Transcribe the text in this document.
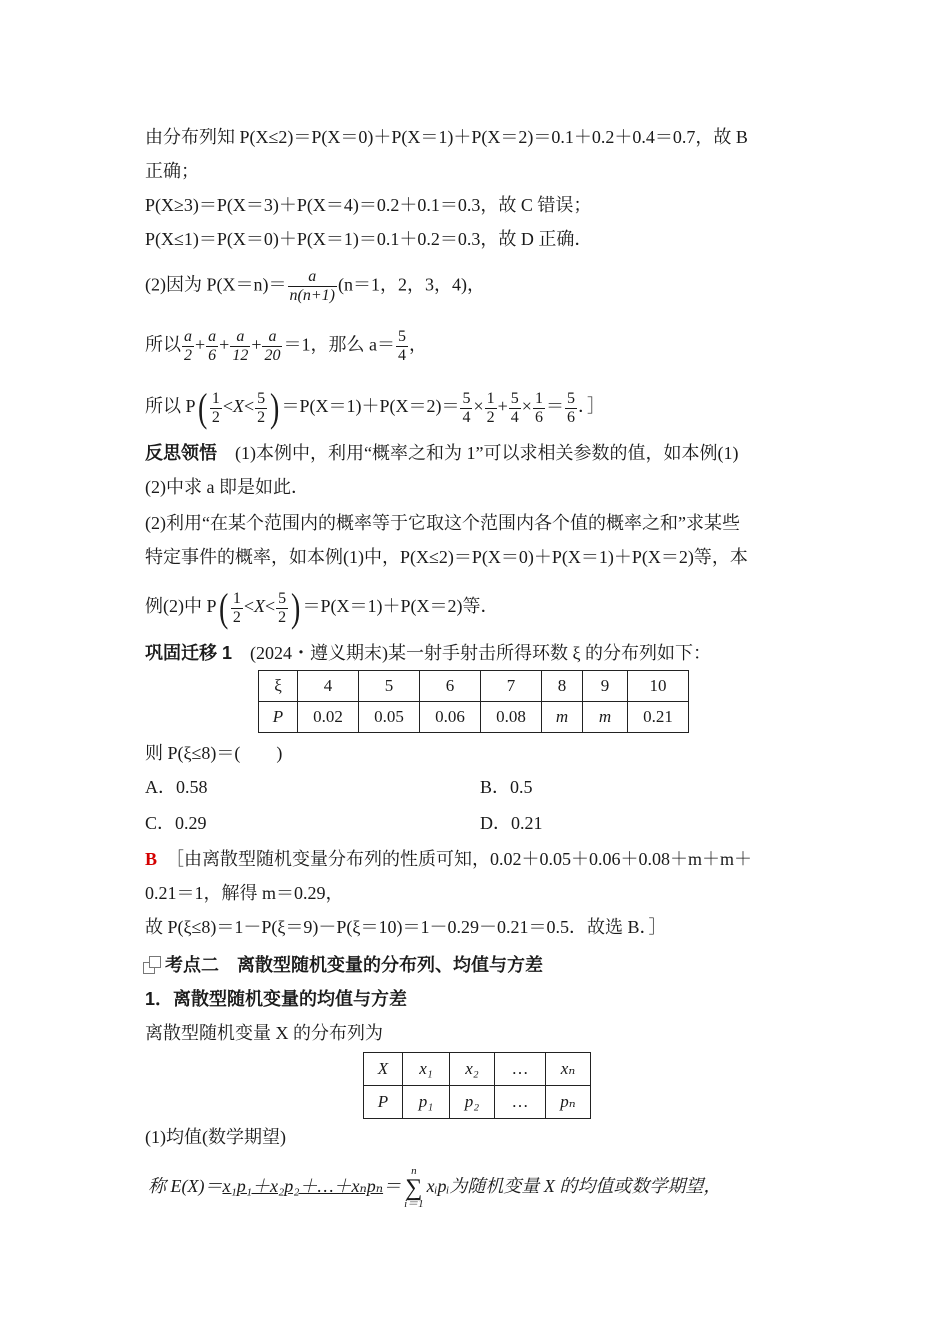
由分布列知 P(X≤2)＝P(X＝0)＋P(X＝1)＋P(X＝2)＝0.1＋0.2＋0.4＝0.7，故 B
正确；
P(X≥3)＝P(X＝3)＋P(X＝4)＝0.2＋0.1＝0.3，故 C 错误；
P(X≤1)＝P(X＝0)＋P(X＝1)＝0.1＋0.2＝0.3，故 D 正确．
(2)因为 $P(X=n)= \frac{a}{n(n+1)} (n=1$，2，3，4)，
所以 $\frac{a}{2} + \frac{a}{6} + \frac{a}{12} + \frac{a}{20} =1$，那么 $a= \frac{5}{4}$ ，
所以 $P( \frac{1}{2} <X< \frac{5}{2}$ ) $=P(X=1)+P(X=2)= \frac{5}{4} \times \frac{1}{2} + \frac{5}{4} \times \frac{1}{6} = \frac{5}{6}$ ．］
反思领悟　 (1)本例中，利用“概率之和为 1”可以求相关参数的值，如本例(1)
(2)中求 a 即是如此．
(2)利用“在某个范围内的概率等于它取这个范围内各个值的概率之和”求某些
特定事件的概率，如本例(1)中，P(X≤2)＝P(X＝0)＋P(X＝1)＋P(X＝2)等，本
例(2)中 $P( \frac{1}{2} <X< \frac{5}{2}$ ) ＝P(X＝1)＋P(X＝2)等．
巩固迁移 1　 (2024・遵义期末)某一射手射击所得环数 ξ 的分布列如下：
ξ	4	5	6	7	8	9	10
P	0.02	0.05	0.06	0.08	m	m	0.21
则 P(ξ≤8)＝(　　)
A．0.58	B．0.5
C．0.29	D．0.21
B　 ［由离散型随机变量分布列的性质可知，0.02＋0.05＋0.06＋0.08＋m＋m＋
0.21＝1，解得 m＝0.29，
故 P(ξ≤8)＝1－P(ξ＝9)－P(ξ＝10)＝1－0.29－0.21＝0.5．故选 B．］
考点二　离散型随机变量的分布列、均值与方差
1．离散型随机变量的均值与方差
离散型随机变量 X 的分布列为
X	x₁	x₂	…	xₙ
P	p₁	p₂	…	pₙ
(1)均值(数学期望)
称 E(X)＝x₁p₁＋x₂p₂＋…＋xₙpₙ＝
n
∑
i＝1
xᵢpᵢ为随机变量 X 的均值或数学期望，
